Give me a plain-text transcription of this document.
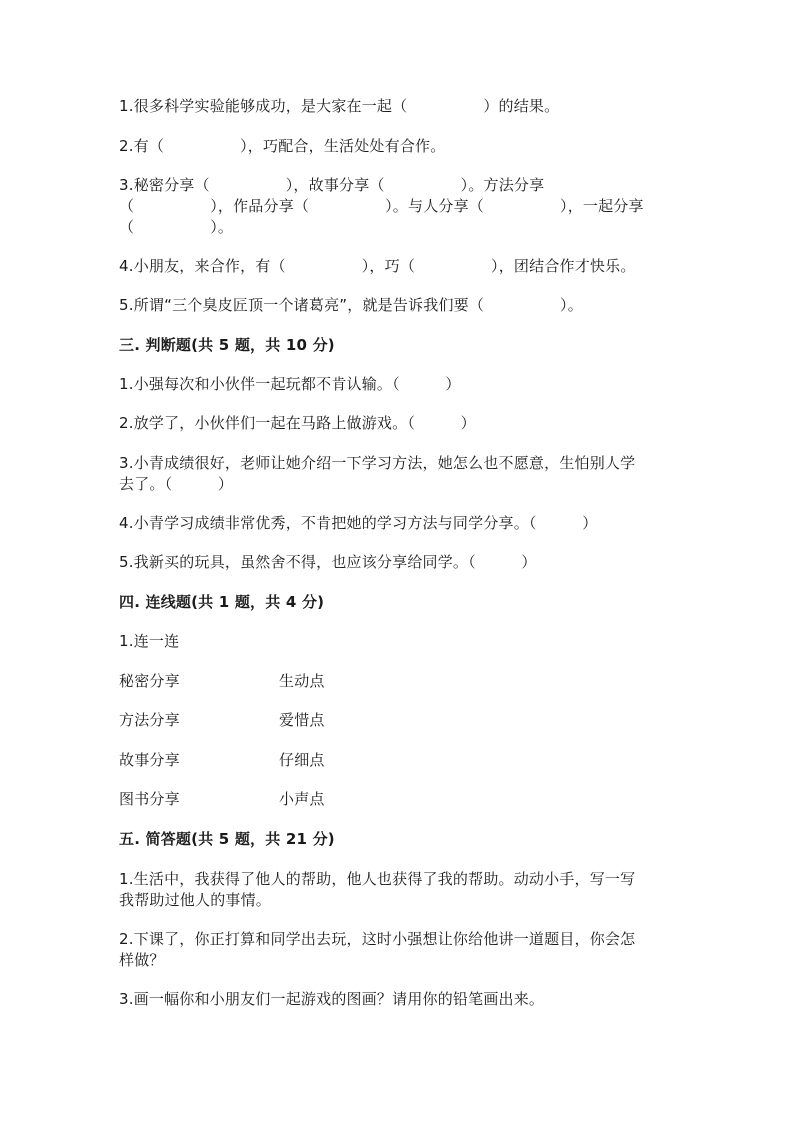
1.很多科学实验能够成功，是大家在一起（　　　　　）的结果。
2.有（　　　　　），巧配合，生活处处有合作。
3.秘密分享（　　　　　），故事分享（　　　　　）。方法分享
（　　　　　），作品分享（　　　　　）。与人分享（　　　　　），一起分享
（　　　　　）。
4.小朋友，来合作，有（　　　　　），巧（　　　　　），团结合作才快乐。
5.所谓“三个臭皮匠顶一个诸葛亮”，就是告诉我们要（　　　　　）。
三. 判断题(共 5 题，共 10 分)
1.小强每次和小伙伴一起玩都不肯认输。（　　　）
2.放学了，小伙伴们一起在马路上做游戏。（　　　）
3.小青成绩很好，老师让她介绍一下学习方法，她怎么也不愿意，生怕别人学
去了。（　　　）
4.小青学习成绩非常优秀，不肯把她的学习方法与同学分享。（　　　）
5.我新买的玩具，虽然舍不得，也应该分享给同学。（　　　）
四. 连线题(共 1 题，共 4 分)
1.连一连
秘密分享	生动点
方法分享	爱惜点
故事分享	仔细点
图书分享	小声点
五. 简答题(共 5 题，共 21 分)
1.生活中，我获得了他人的帮助，他人也获得了我的帮助。动动小手，写一写
我帮助过他人的事情。
2.下课了，你正打算和同学出去玩，这时小强想让你给他讲一道题目，你会怎
样做？
3.画一幅你和小朋友们一起游戏的图画？请用你的铅笔画出来。
